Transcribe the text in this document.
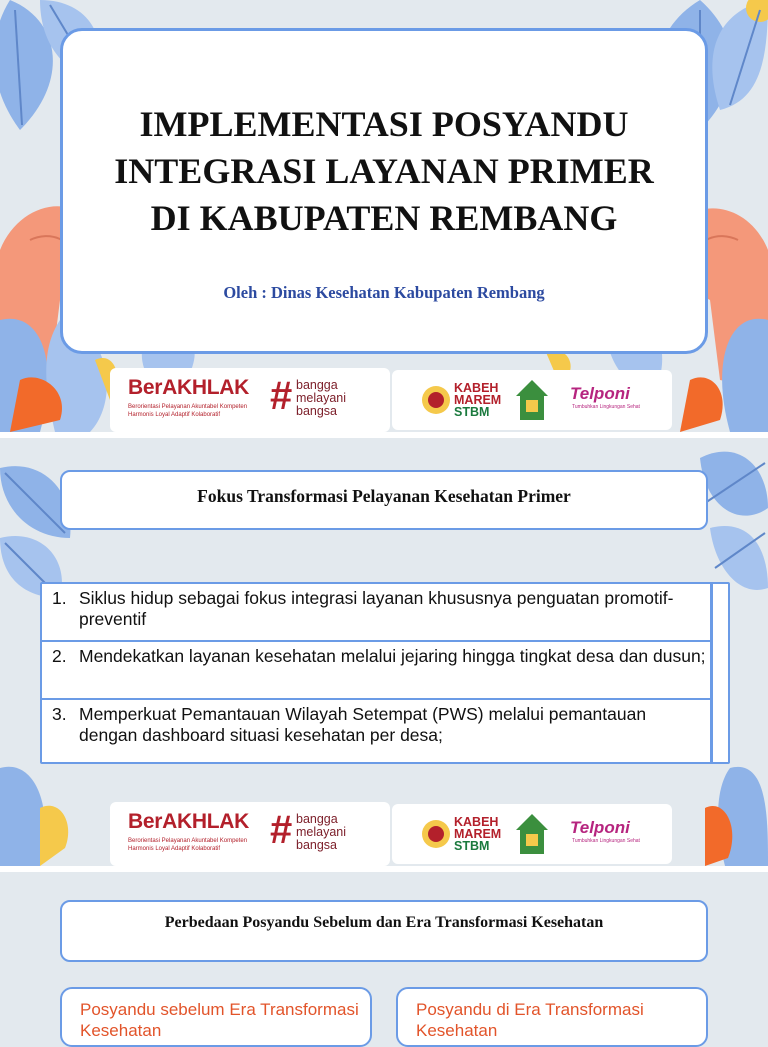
IMPLEMENTASI POSYANDU
INTEGRASI LAYANAN PRIMER
DI KABUPATEN REMBANG
Oleh : Dinas Kesehatan Kabupaten Rembang
BerAKHLAK
Berorientasi Pelayanan Akuntabel Kompeten Harmonis Loyal Adaptif Kolaboratif	# bangga
melayani
bangsa
KABEH
MAREM
STBM
Telponi
Tumbuhkan Lingkungan Sehat
Fokus Transformasi Pelayanan Kesehatan Primer
1. Siklus hidup sebagai fokus integrasi layanan khususnya penguatan promotif-preventif
2. Mendekatkan layanan kesehatan melalui jejaring hingga tingkat desa dan dusun;
3. Memperkuat Pemantauan Wilayah Setempat (PWS) melalui pemantauan dengan dashboard situasi kesehatan per desa;
BerAKHLAK
Berorientasi Pelayanan Akuntabel Kompeten Harmonis Loyal Adaptif Kolaboratif	# bangga
melayani
bangsa
KABEH
MAREM
STBM
Telponi
Tumbuhkan Lingkungan Sehat
Perbedaan Posyandu Sebelum dan Era Transformasi Kesehatan
Posyandu sebelum Era Transformasi Kesehatan
Posyandu di Era Transformasi Kesehatan
